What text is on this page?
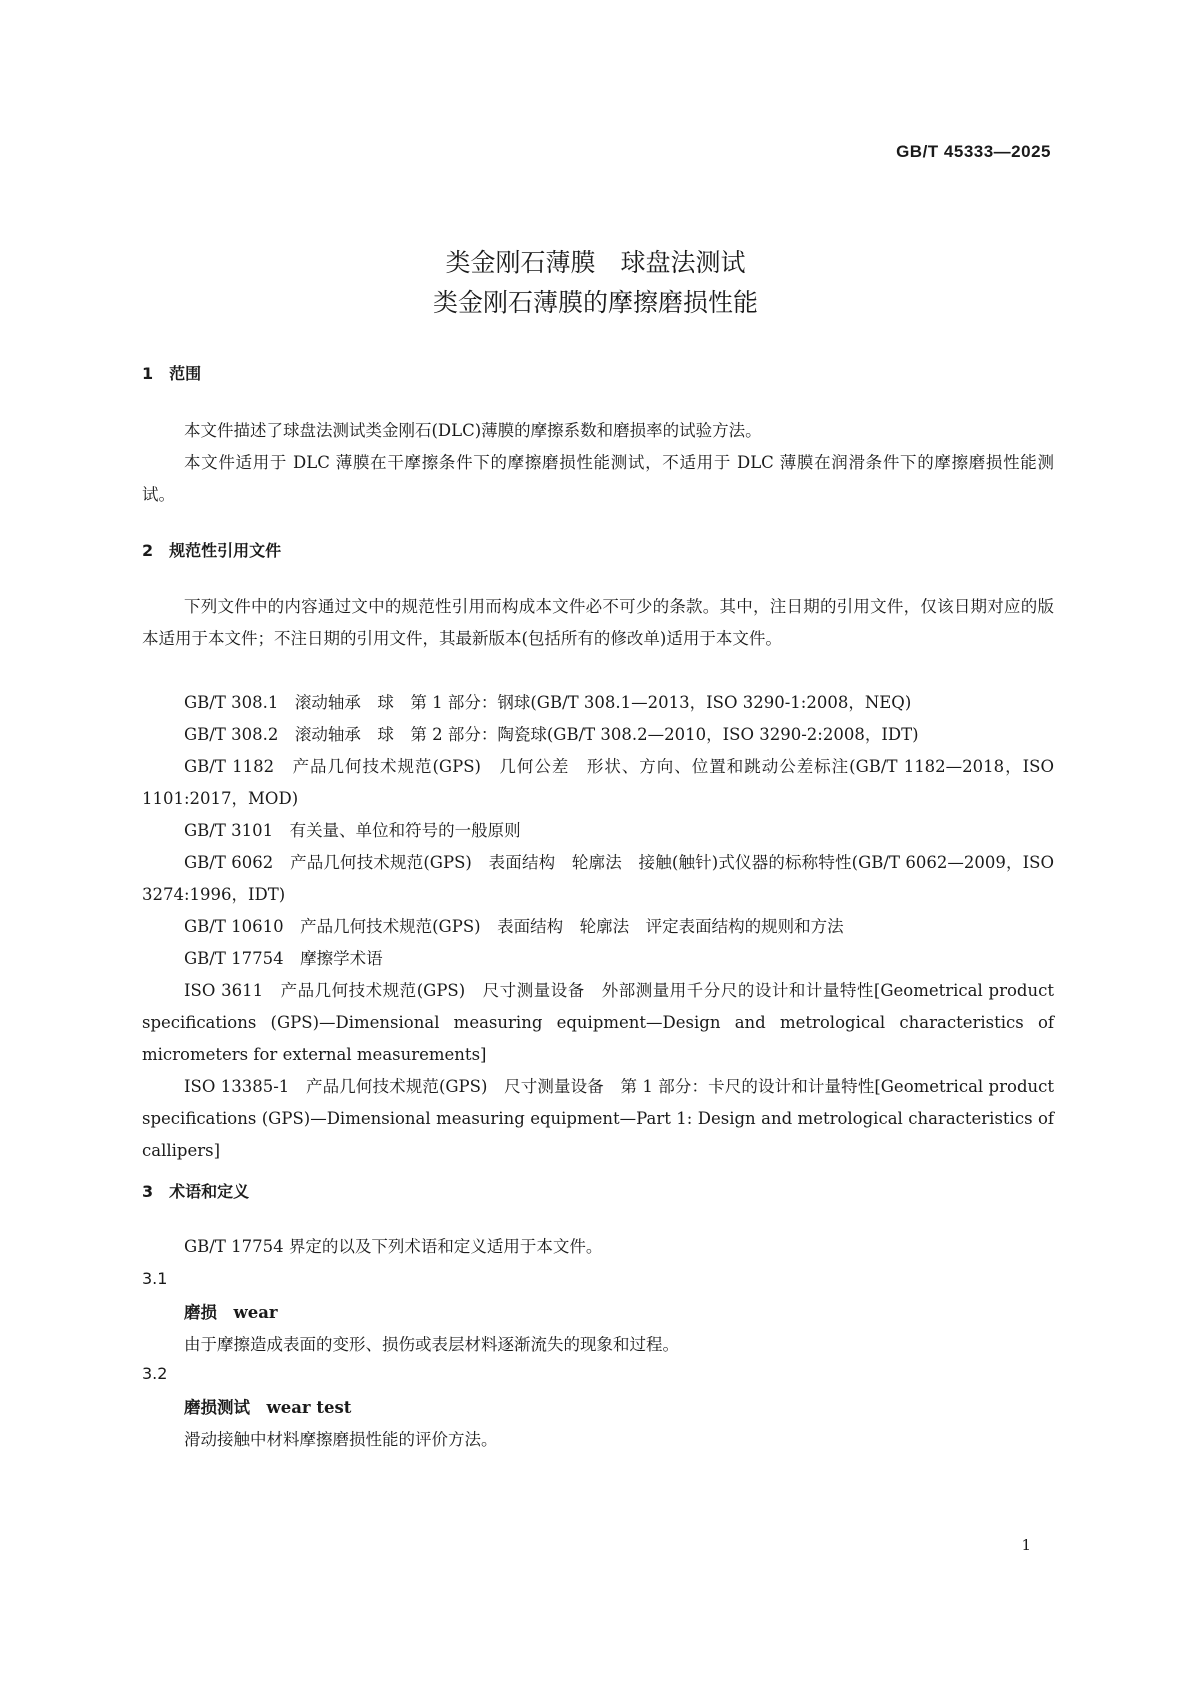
GB/T 45333—2025
类金刚石薄膜　球盘法测试
类金刚石薄膜的摩擦磨损性能
1　范围
本文件描述了球盘法测试类金刚石(DLC)薄膜的摩擦系数和磨损率的试验方法。
本文件适用于 DLC 薄膜在干摩擦条件下的摩擦磨损性能测试，不适用于 DLC 薄膜在润滑条件下的摩擦磨损性能测试。
2　规范性引用文件
下列文件中的内容通过文中的规范性引用而构成本文件必不可少的条款。其中，注日期的引用文件，仅该日期对应的版本适用于本文件；不注日期的引用文件，其最新版本(包括所有的修改单)适用于本文件。
GB/T 308.1　滚动轴承　球　第 1 部分：钢球(GB/T 308.1—2013，ISO 3290-1:2008，NEQ)
GB/T 308.2　滚动轴承　球　第 2 部分：陶瓷球(GB/T 308.2—2010，ISO 3290-2:2008，IDT)
GB/T 1182　产品几何技术规范(GPS)　几何公差　形状、方向、位置和跳动公差标注(GB/T 1182—2018，ISO 1101:2017，MOD)
GB/T 3101　有关量、单位和符号的一般原则
GB/T 6062　产品几何技术规范(GPS)　表面结构　轮廓法　接触(触针)式仪器的标称特性(GB/T 6062—2009，ISO 3274:1996，IDT)
GB/T 10610　产品几何技术规范(GPS)　表面结构　轮廓法　评定表面结构的规则和方法
GB/T 17754　摩擦学术语
ISO 3611　产品几何技术规范(GPS)　尺寸测量设备　外部测量用千分尺的设计和计量特性[Geometrical product specifications (GPS)—Dimensional measuring equipment—Design and metrological characteristics of micrometers for external measurements]
ISO 13385-1　产品几何技术规范(GPS)　尺寸测量设备　第 1 部分：卡尺的设计和计量特性[Geometrical product specifications (GPS)—Dimensional measuring equipment—Part 1: Design and metrological characteristics of callipers]
3　术语和定义
GB/T 17754 界定的以及下列术语和定义适用于本文件。
3.1
磨损　wear
由于摩擦造成表面的变形、损伤或表层材料逐渐流失的现象和过程。
3.2
磨损测试　wear test
滑动接触中材料摩擦磨损性能的评价方法。
1
